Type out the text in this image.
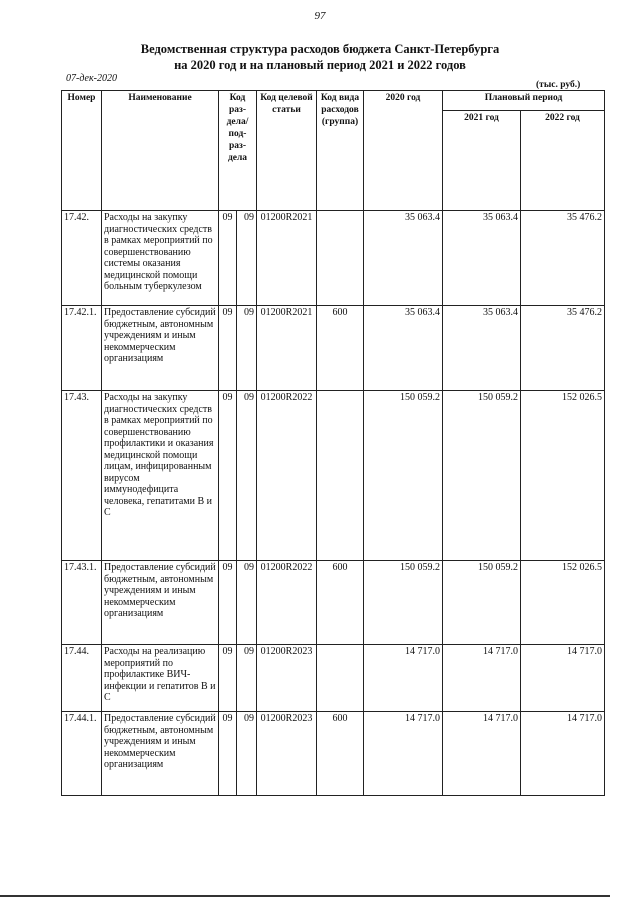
97
Ведомственная структура расходов бюджета Санкт-Петербурга
на 2020 год и на плановый период 2021 и 2022 годов
07-дек-2020
(тыс. руб.)
Номер	Наименование	Код раз-дела/ под-раз-дела		Код целевой статьи	Код вида расходов (группа)	2020 год	Плановый период	
							2021 год	2022 год
17.42.	Расходы на закупку диагностических средств в рамках мероприятий по совершенствованию системы оказания медицинской помощи больным туберкулезом	09	09	01200R2021		35 063.4	35 063.4	35 476.2
17.42.1.	Предоставление субсидий бюджетным, автономным учреждениям и иным некоммерческим организациям	09	09	01200R2021	600	35 063.4	35 063.4	35 476.2
17.43.	Расходы на закупку диагностических средств в рамках мероприятий по совершенствованию профилактики и оказания медицинской помощи лицам, инфицированным вирусом иммунодефицита человека, гепатитами В и С	09	09	01200R2022		150 059.2	150 059.2	152 026.5
17.43.1.	Предоставление субсидий бюджетным, автономным учреждениям и иным некоммерческим организациям	09	09	01200R2022	600	150 059.2	150 059.2	152 026.5
17.44.	Расходы на реализацию мероприятий по профилактике ВИЧ-инфекции и гепатитов В и С	09	09	01200R2023		14 717.0	14 717.0	14 717.0
17.44.1.	Предоставление субсидий бюджетным, автономным учреждениям и иным некоммерческим организациям	09	09	01200R2023	600	14 717.0	14 717.0	14 717.0
